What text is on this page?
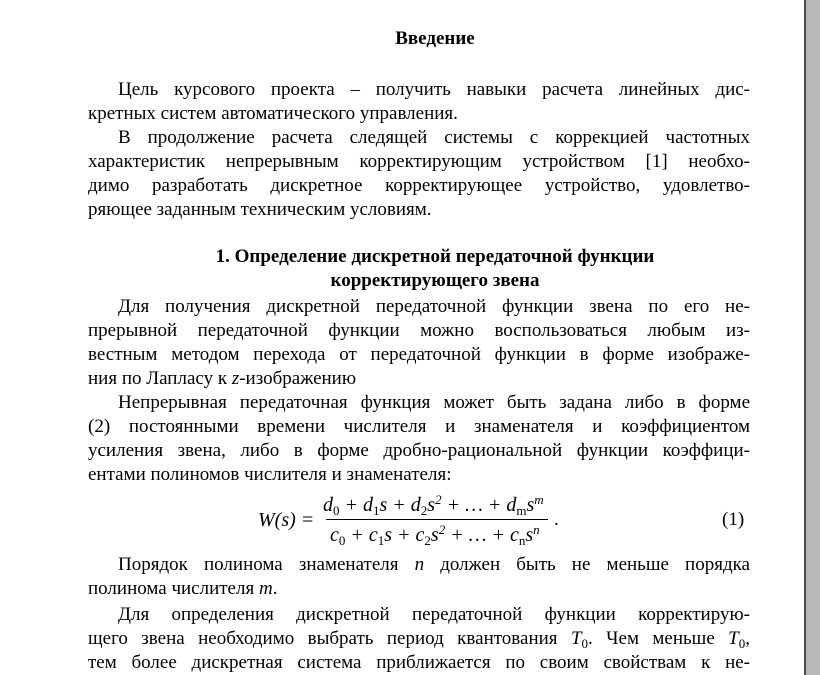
Введение
Цель курсового проекта – получить навыки расчета линейных дис-
кретных систем автоматического управления.
В продолжение расчета следящей системы с коррекцией частотных
характеристик непрерывным корректирующим устройством [1] необхо-
димо разработать дискретное корректирующее устройство, удовлетво-
ряющее заданным техническим условиям.
1. Определение дискретной передаточной функции
корректирующего звена
Для получения дискретной передаточной функции звена по его не-
прерывной передаточной функции можно воспользоваться любым из-
вестным методом перехода от передаточной функции в форме изображе-
ния по Лапласу к z-изображению
Непрерывная передаточная функция может быть задана либо в форме
(2) постоянными времени числителя и знаменателя и коэффициентом
усиления звена, либо в форме дробно-рациональной функции коэффици-
ентами полиномов числителя и знаменателя:
W(s) =
$d_0 + d_1s + d_2s^2$ + … + $d_ms^m$
$c_0 + c_1s + c_2s^2$ + … + $c_ns^n$ .	(1)
Порядок полинома знаменателя n должен быть не меньше порядка
полинома числителя m.
Для определения дискретной передаточной функции корректирую-
щего звена необходимо выбрать период квантования $T_0$. Чем меньше $T_0$,
тем более дискретная система приближается по своим свойствам к не-
